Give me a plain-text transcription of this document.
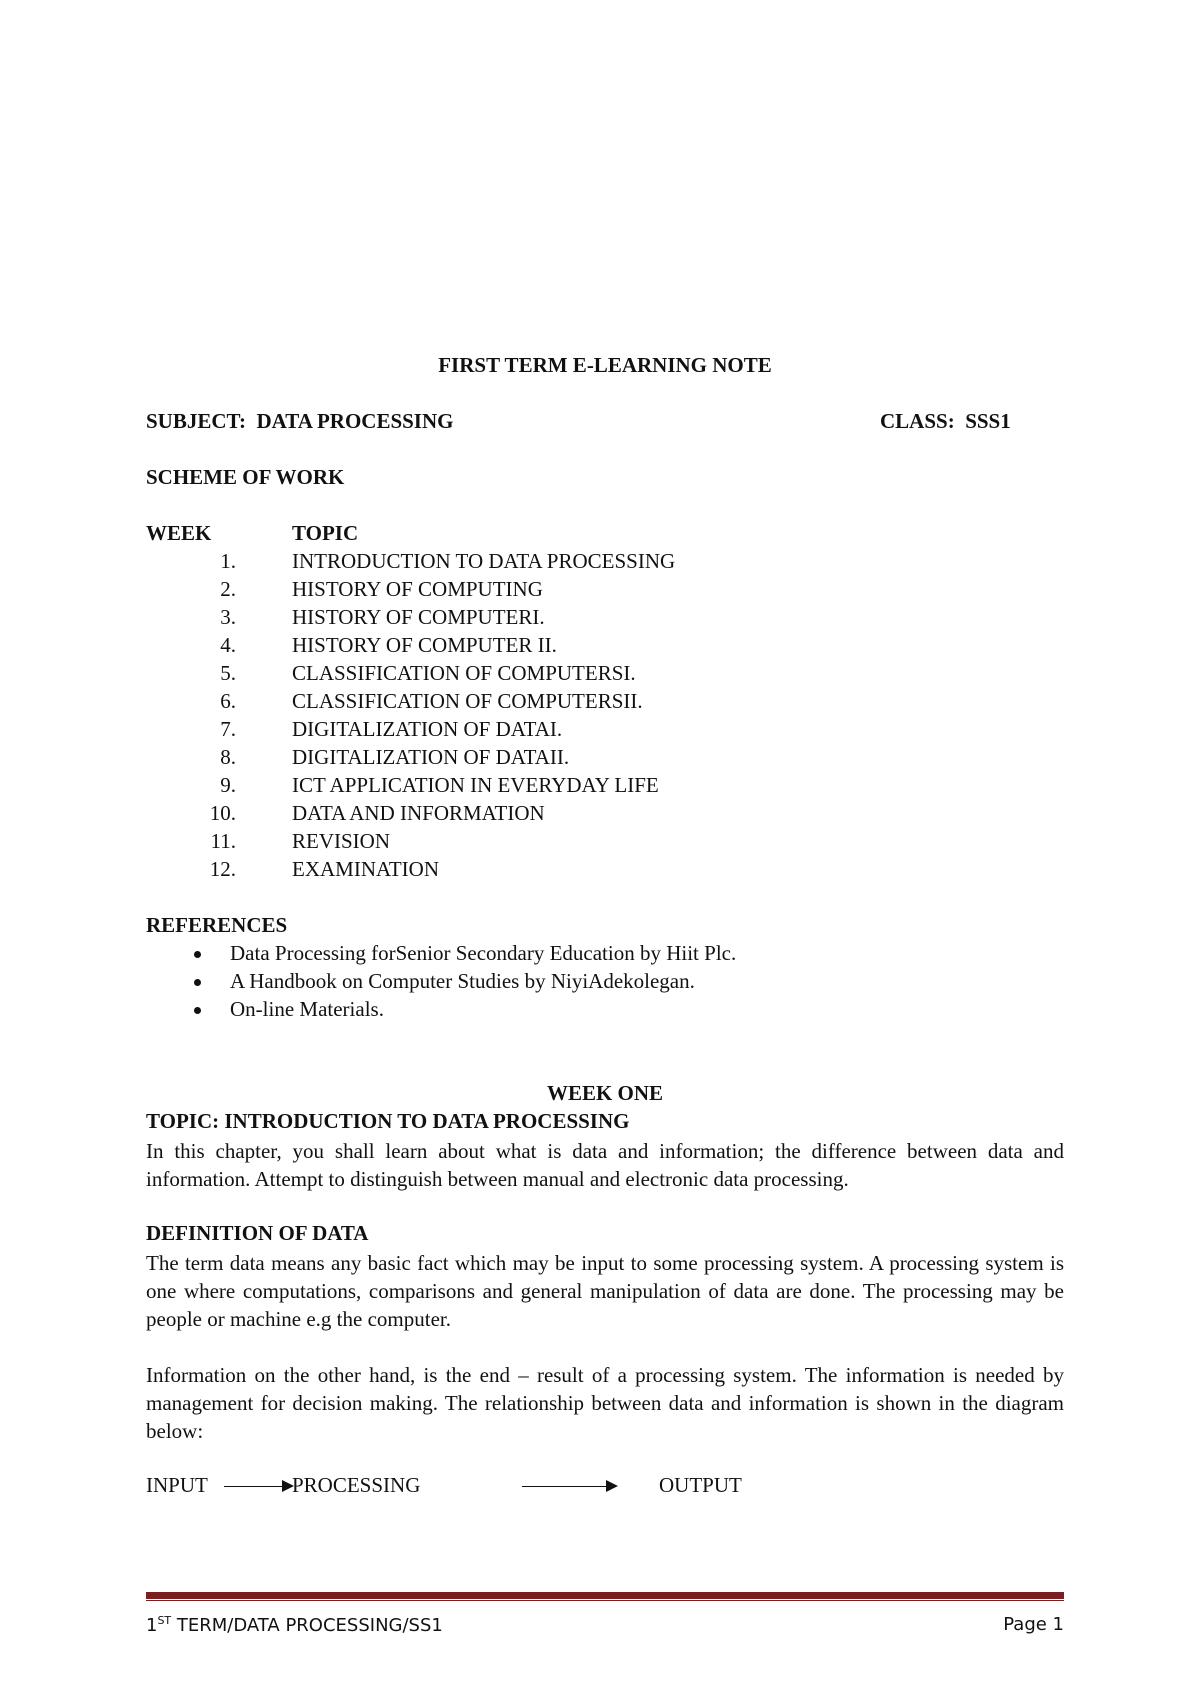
FIRST TERM E-LEARNING NOTE
SUBJECT: DATA PROCESSING	CLASS: SSS1
SCHEME OF WORK
WEEK	TOPIC
1.	INTRODUCTION TO DATA PROCESSING
2.	HISTORY OF COMPUTING
3.	HISTORY OF COMPUTERI.
4.	HISTORY OF COMPUTER II.
5.	CLASSIFICATION OF COMPUTERSI.
6.	CLASSIFICATION OF COMPUTERSII.
7.	DIGITALIZATION OF DATAI.
8.	DIGITALIZATION OF DATAII.
9.	ICT APPLICATION IN EVERYDAY LIFE
10.	DATA AND INFORMATION
11.	REVISION
12.	EXAMINATION
REFERENCES
Data Processing forSenior Secondary Education by Hiit Plc.
A Handbook on Computer Studies by NiyiAdekolegan.
On-line Materials.
WEEK ONE
TOPIC: INTRODUCTION TO DATA PROCESSING
In this chapter, you shall learn about what is data and information; the difference between data and information. Attempt to distinguish between manual and electronic data processing.
DEFINITION OF DATA
The term data means any basic fact which may be input to some processing system. A processing system is one where computations, comparisons and general manipulation of data are done. The processing may be people or machine e.g the computer.
Information on the other hand, is the end – result of a processing system. The information is needed by management for decision making. The relationship between data and information is shown in the diagram below:
INPUT	PROCESSING	OUTPUT
1ST TERM/DATA PROCESSING/SS1	Page 1
